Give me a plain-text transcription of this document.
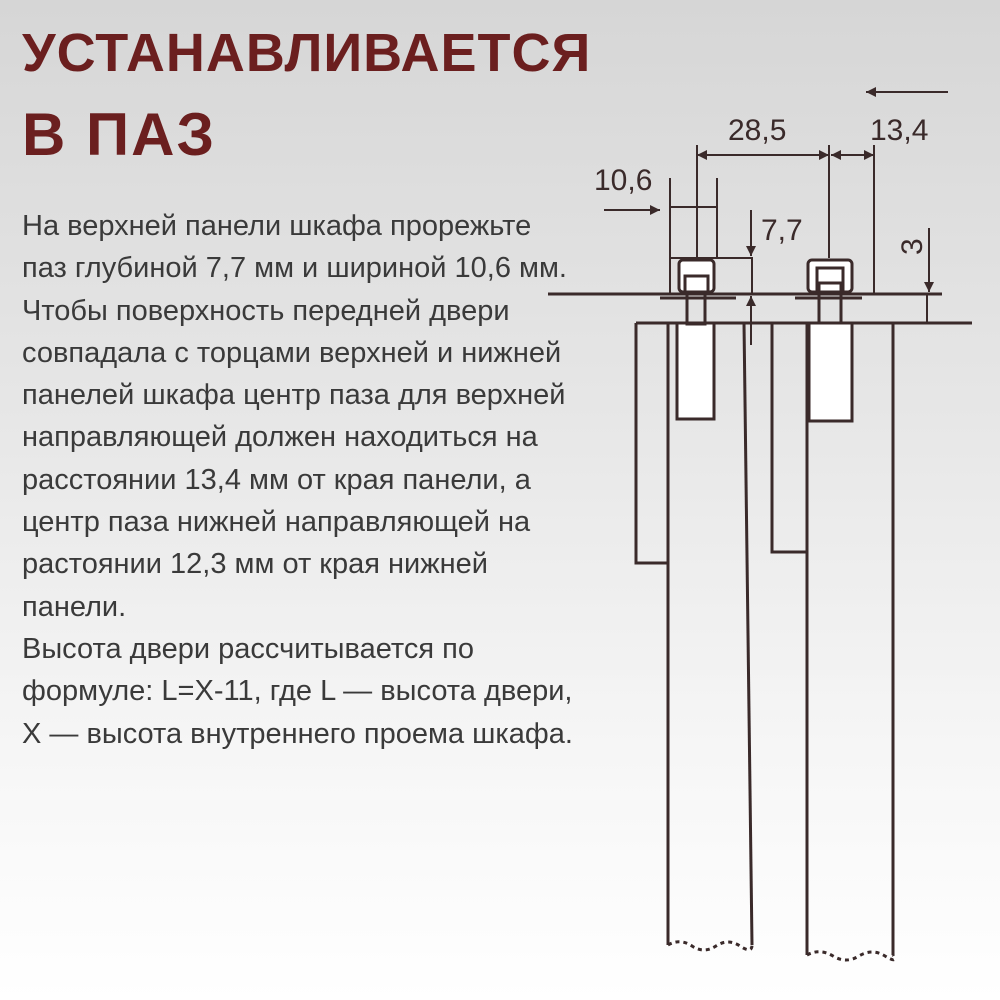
УСТАНАВЛИВАЕТСЯ
В ПАЗ

На верхней панели шкафа прорежьте паз глубиной 7,7 мм и шириной 10,6 мм.

Чтобы поверхность передней двери совпадала с торцами верхней и нижней панелей шкафа центр паза для верхней направляющей должен находиться на расстоянии 13,4 мм от края панели, а центр паза нижней направляющей на растоянии 12,3 мм от края нижней панели.

Высота двери рассчитывается по формуле: L=X-11, где L — высота двери, X — высота внутреннего проема шкафа.

10,6
7,7
28,5	13,4
3
